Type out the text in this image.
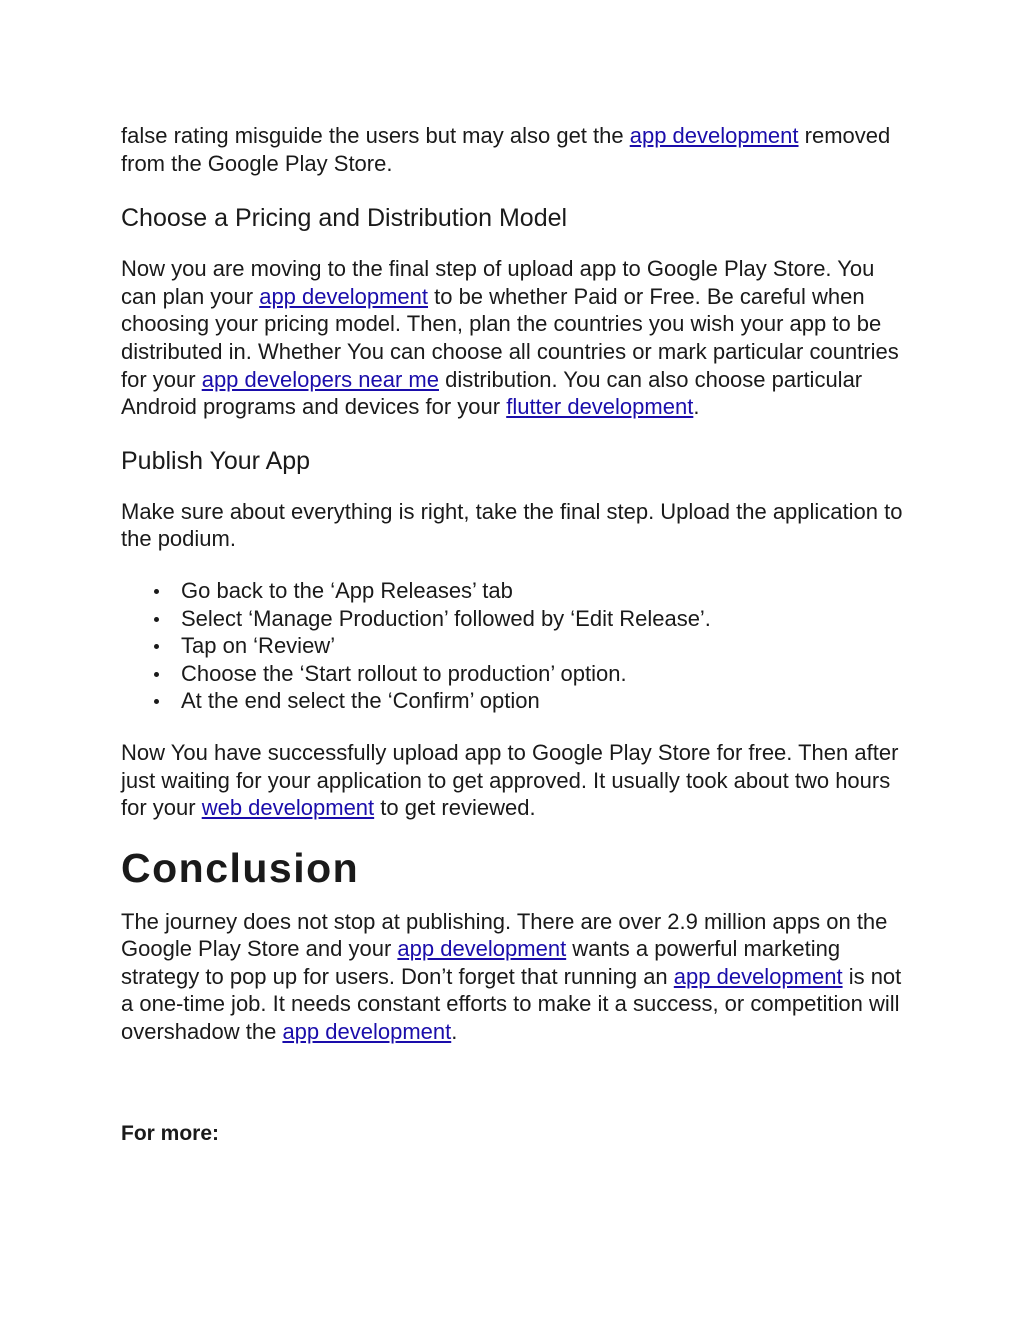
false rating misguide the users but may also get the app development removed from the Google Play Store.

Choose a Pricing and Distribution Model

Now you are moving to the final step of upload app to Google Play Store. You can plan your app development to be whether Paid or Free. Be careful when choosing your pricing model. Then, plan the countries you wish your app to be distributed in. Whether You can choose all countries or mark particular countries for your app developers near me distribution. You can also choose particular Android programs and devices for your flutter development.

Publish Your App

Make sure about everything is right, take the final step. Upload the application to the podium.

Go back to the ‘App Releases’ tab
Select ‘Manage Production’ followed by ‘Edit Release’.
Tap on ‘Review’
Choose the ‘Start rollout to production’ option.
At the end select the ‘Confirm’ option

Now You have successfully upload app to Google Play Store for free. Then after just waiting for your application to get approved. It usually took about two hours for your web development to get reviewed.

Conclusion

The journey does not stop at publishing. There are over 2.9 million apps on the Google Play Store and your app development wants a powerful marketing strategy to pop up for users. Don’t forget that running an app development is not a one-time job. It needs constant efforts to make it a success, or competition will overshadow the app development.

For more:
